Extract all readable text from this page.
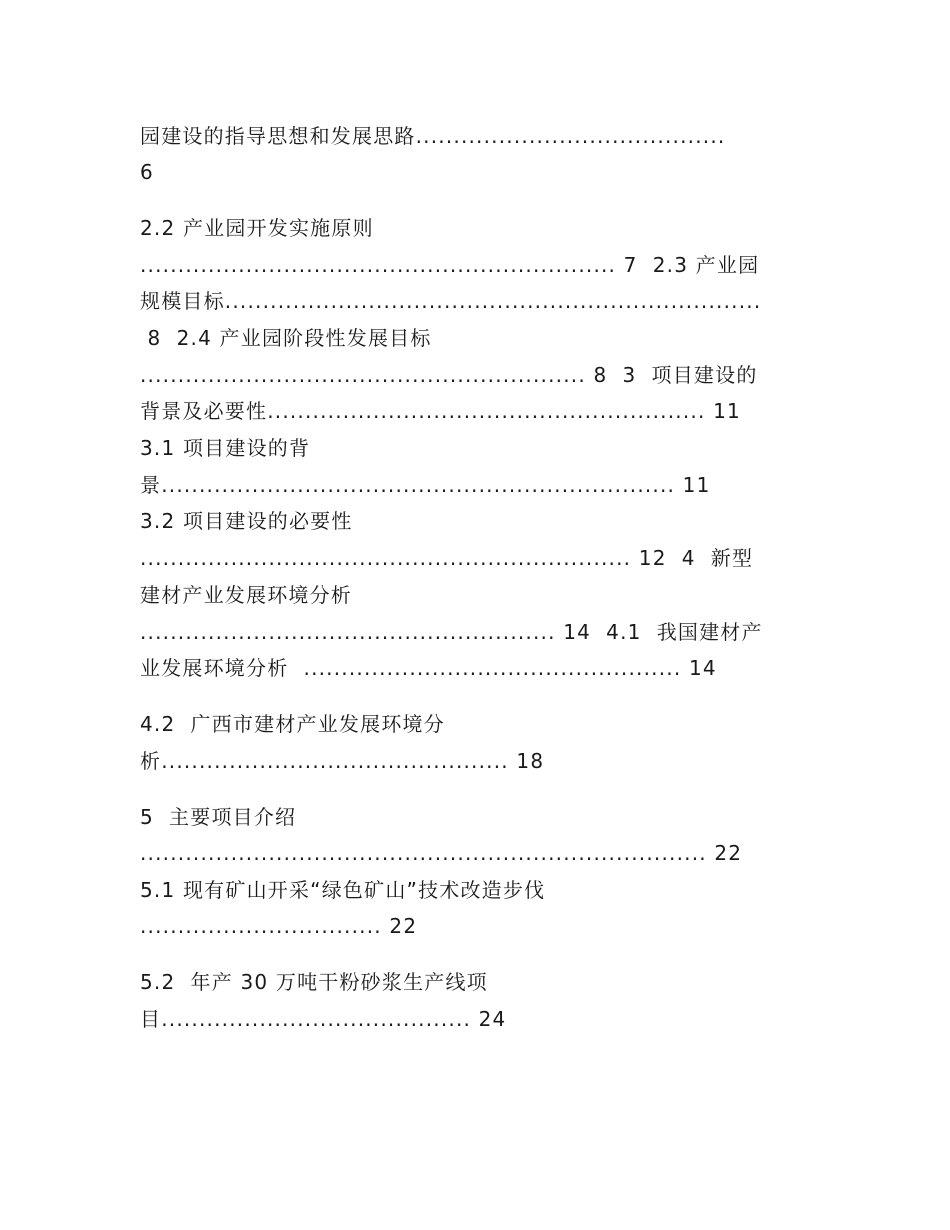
园建设的指导思想和发展思路.........................................
6
2.2 产业园开发实施原则
............................................................... 7  2.3 产业园
规模目标.......................................................................
8  2.4 产业园阶段性发展目标
........................................................... 8  3  项目建设的
背景及必要性.......................................................... 11
3.1 项目建设的背
景.................................................................... 11
3.2 项目建设的必要性
................................................................. 12  4  新型
建材产业发展环境分析
....................................................... 14  4.1  我国建材产
业发展环境分析  .................................................. 14
4.2  广西市建材产业发展环境分
析.............................................. 18
5  主要项目介绍
........................................................................... 22
5.1 现有矿山开采“绿色矿山”技术改造步伐
................................ 22
5.2  年产 30 万吨干粉砂浆生产线项
目......................................... 24
